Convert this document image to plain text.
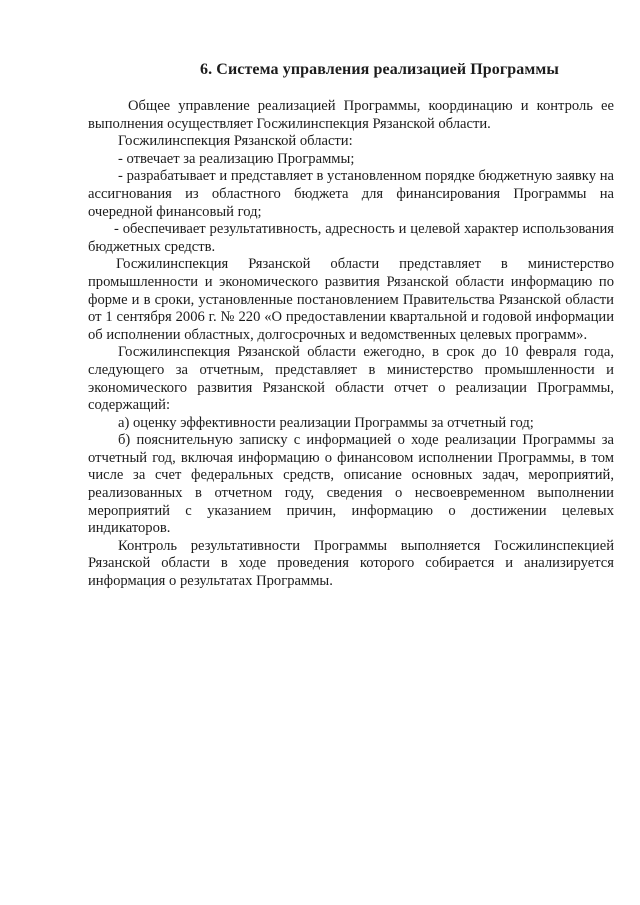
6. Система управления реализацией Программы

Общее управление реализацией Программы, координацию и контроль ее выполнения осуществляет Госжилинспекция Рязанской области.

Госжилинспекция Рязанской области:

- отвечает за реализацию Программы;

- разрабатывает и представляет в установленном порядке бюджетную заявку на ассигнования из областного бюджета для финансирования Программы на очередной финансовый год;

- обеспечивает результативность, адресность и целевой характер использования бюджетных средств.

Госжилинспекция Рязанской области представляет в министерство промышленности и экономического развития Рязанской области информацию по форме и в сроки, установленные постановлением Правительства Рязанской области от 1 сентября 2006 г. № 220 «О предоставлении квартальной и годовой информации об исполнении областных, долгосрочных и ведомственных целевых программ».

Госжилинспекция Рязанской области ежегодно, в срок до 10 февраля года, следующего за отчетным, представляет в министерство промышленности и экономического развития Рязанской области отчет о реализации Программы, содержащий:

а) оценку эффективности реализации Программы за отчетный год;

б) пояснительную записку с информацией о ходе реализации Программы за отчетный год, включая информацию о финансовом исполнении Программы, в том числе за счет федеральных средств, описание основных задач, мероприятий, реализованных в отчетном году, сведения о несвоевременном выполнении мероприятий с указанием причин, информацию о достижении целевых индикаторов.

Контроль результативности Программы выполняется Госжилинспекцией Рязанской области в ходе проведения которого собирается и анализируется информация о результатах Программы.
